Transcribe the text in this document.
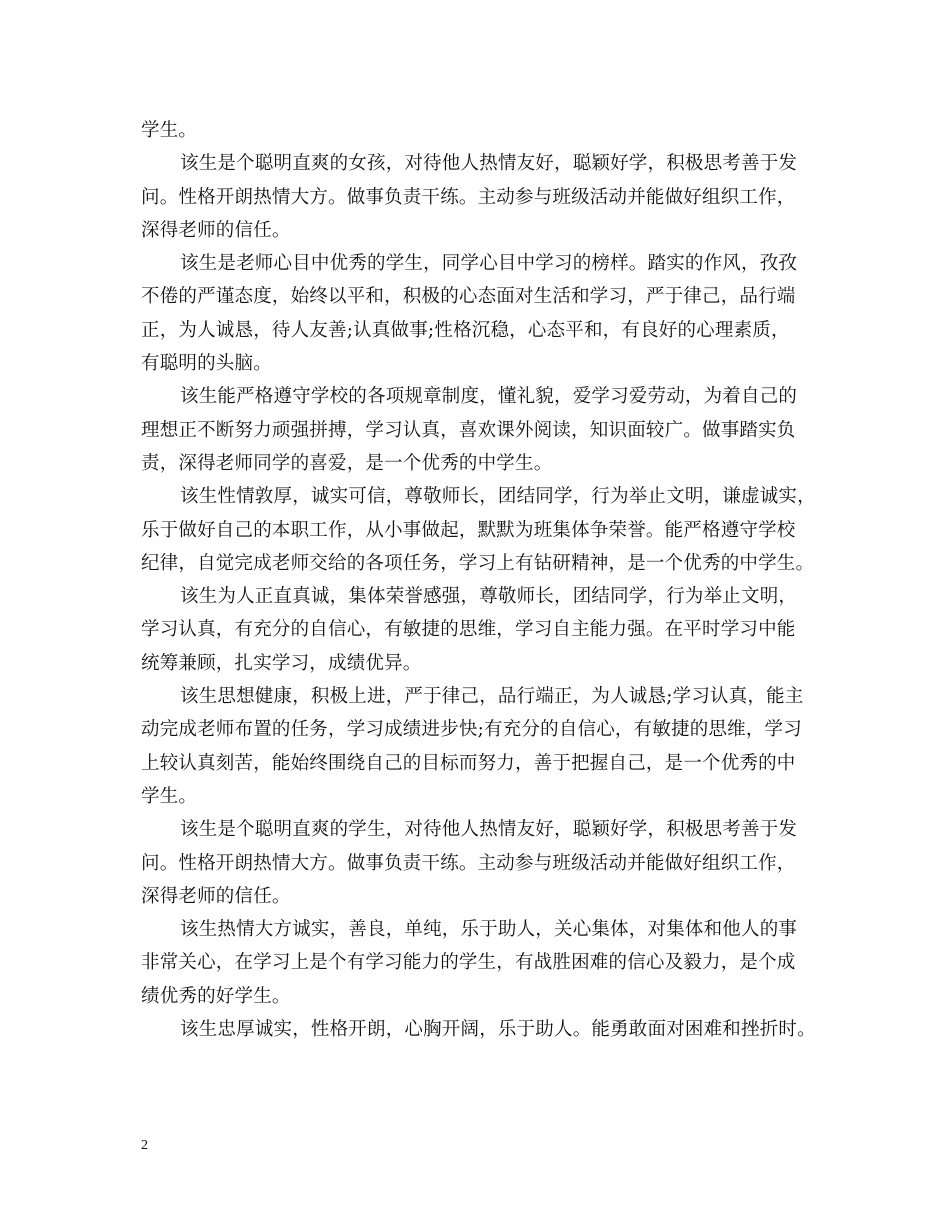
学生。
该生是个聪明直爽的女孩，对待他人热情友好，聪颖好学，积极思考善于发
问。性格开朗热情大方。做事负责干练。主动参与班级活动并能做好组织工作，
深得老师的信任。
该生是老师心目中优秀的学生，同学心目中学习的榜样。踏实的作风，孜孜
不倦的严谨态度，始终以平和，积极的心态面对生活和学习，严于律己，品行端
正，为人诚恳，待人友善;认真做事;性格沉稳，心态平和，有良好的心理素质，
有聪明的头脑。
该生能严格遵守学校的各项规章制度，懂礼貌，爱学习爱劳动，为着自己的
理想正不断努力顽强拼搏，学习认真，喜欢课外阅读，知识面较广。做事踏实负
责，深得老师同学的喜爱，是一个优秀的中学生。
该生性情敦厚，诚实可信，尊敬师长，团结同学，行为举止文明，谦虚诚实，
乐于做好自己的本职工作，从小事做起，默默为班集体争荣誉。能严格遵守学校
纪律，自觉完成老师交给的各项任务，学习上有钻研精神，是一个优秀的中学生。
该生为人正直真诚，集体荣誉感强，尊敬师长，团结同学，行为举止文明，
学习认真，有充分的自信心，有敏捷的思维，学习自主能力强。在平时学习中能
统筹兼顾，扎实学习，成绩优异。
该生思想健康，积极上进，严于律己，品行端正，为人诚恳;学习认真，能主
动完成老师布置的任务，学习成绩进步快;有充分的自信心，有敏捷的思维，学习
上较认真刻苦，能始终围绕自己的目标而努力，善于把握自己，是一个优秀的中
学生。
该生是个聪明直爽的学生，对待他人热情友好，聪颖好学，积极思考善于发
问。性格开朗热情大方。做事负责干练。主动参与班级活动并能做好组织工作，
深得老师的信任。
该生热情大方诚实，善良，单纯，乐于助人，关心集体，对集体和他人的事
非常关心，在学习上是个有学习能力的学生，有战胜困难的信心及毅力，是个成
绩优秀的好学生。
该生忠厚诚实，性格开朗，心胸开阔，乐于助人。能勇敢面对困难和挫折时。
2
